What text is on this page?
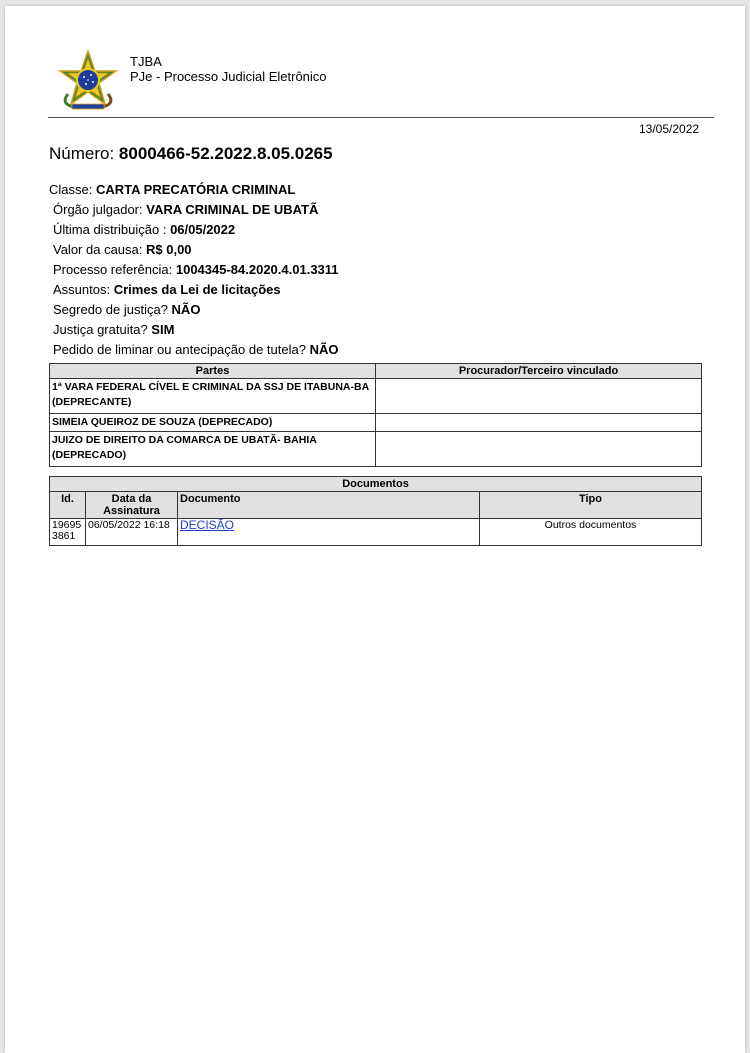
TJBA
PJe - Processo Judicial Eletrônico
13/05/2022
Número: 8000466-52.2022.8.05.0265
Classe: CARTA PRECATÓRIA CRIMINAL
Órgão julgador: VARA CRIMINAL DE UBATÃ
Última distribuição : 06/05/2022
Valor da causa: R$ 0,00
Processo referência: 1004345-84.2020.4.01.3311
Assuntos: Crimes da Lei de licitações
Segredo de justiça? NÃO
Justiça gratuita? SIM
Pedido de liminar ou antecipação de tutela? NÃO
Partes	Procurador/Terceiro vinculado
1ª VARA FEDERAL CÍVEL E CRIMINAL DA SSJ DE ITABUNA-BA (DEPRECANTE)	
SIMEIA QUEIROZ DE SOUZA (DEPRECADO)	
JUIZO DE DIREITO DA COMARCA DE UBATÃ- BAHIA (DEPRECADO)	
Documentos			
Id.	Data da Assinatura	Documento	Tipo
196953861	06/05/2022 16:18	DECISÃO	Outros documentos
